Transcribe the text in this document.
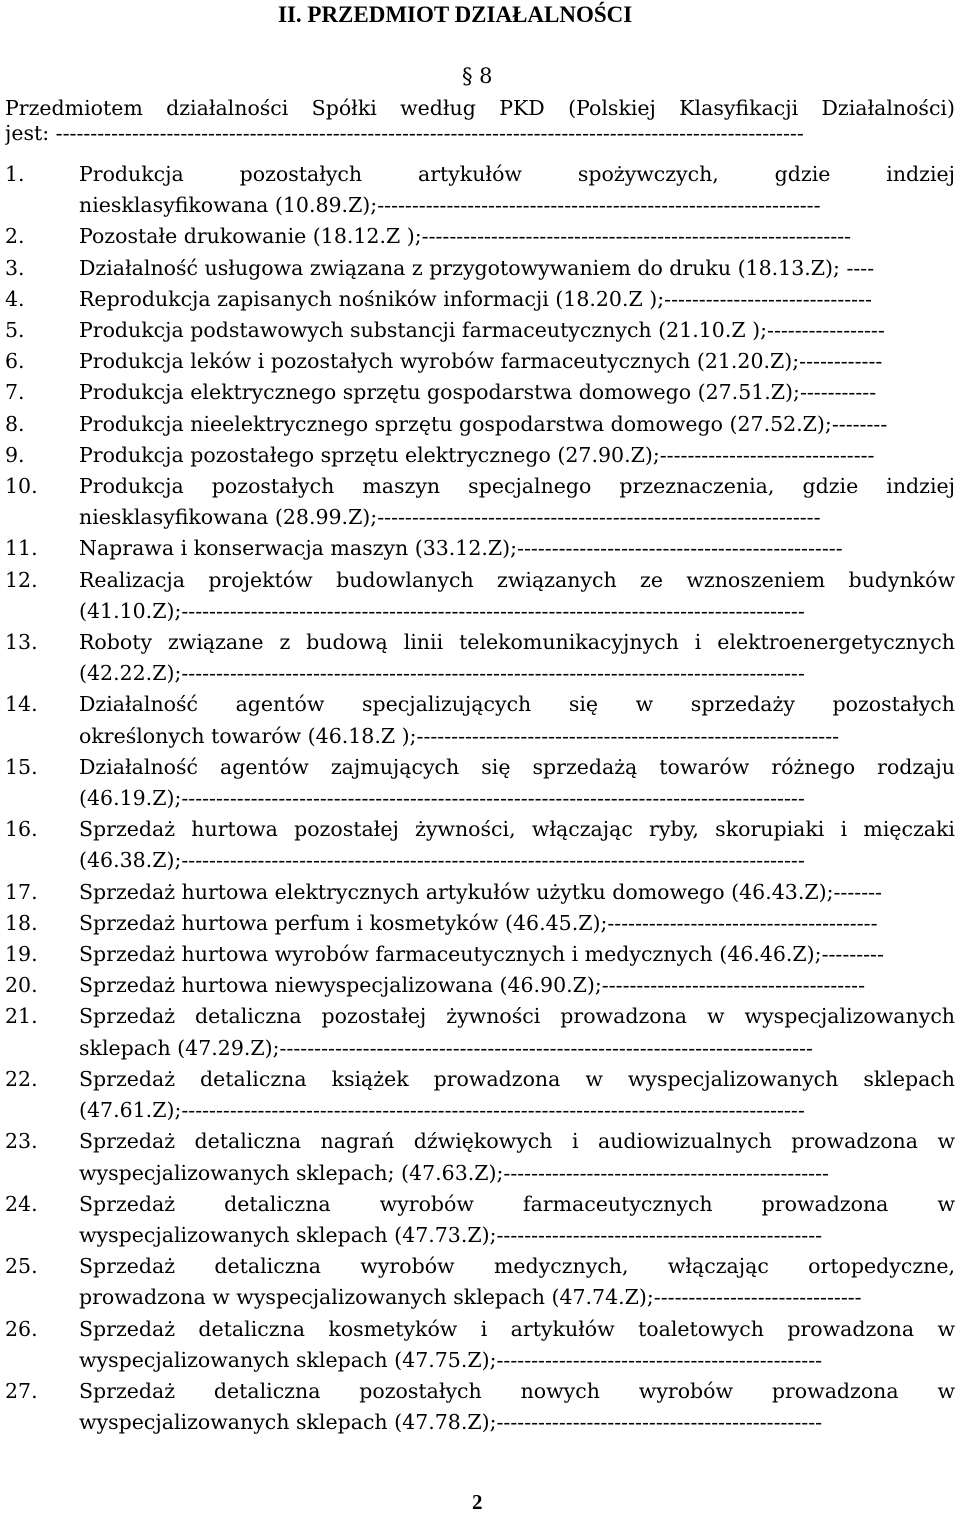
II. PRZEDMIOT DZIAŁALNOŚCI
§ 8
Przedmiotem działalności Spółki według PKD (Polskiej Klasyfikacji Działalności)
jest: ------------------------------------------------------------------------------------------------------------
1.	Produkcja pozostałych artykułów spożywczych, gdzie indziej
niesklasyfikowana (10.89.Z);----------------------------------------------------------------
2.	Pozostałe drukowanie (18.12.Z );--------------------------------------------------------------
3.	Działalność usługowa związana z przygotowywaniem do druku (18.13.Z); ----
4.	Reprodukcja zapisanych nośników informacji (18.20.Z );------------------------------
5.	Produkcja podstawowych substancji farmaceutycznych (21.10.Z );-----------------
6.	Produkcja leków i pozostałych wyrobów farmaceutycznych (21.20.Z);------------
7.	Produkcja elektrycznego sprzętu gospodarstwa domowego (27.51.Z);-----------
8.	Produkcja nieelektrycznego sprzętu gospodarstwa domowego (27.52.Z);--------
9.	Produkcja pozostałego sprzętu elektrycznego (27.90.Z);-------------------------------
10.	Produkcja pozostałych maszyn specjalnego przeznaczenia, gdzie indziej
niesklasyfikowana (28.99.Z);----------------------------------------------------------------
11.	Naprawa i konserwacja maszyn (33.12.Z);-----------------------------------------------
12.	Realizacja projektów budowlanych związanych ze wznoszeniem budynków
(41.10.Z);------------------------------------------------------------------------------------------
13.	Roboty związane z budową linii telekomunikacyjnych i elektroenergetycznych
(42.22.Z);------------------------------------------------------------------------------------------
14.	Działalność agentów specjalizujących się w sprzedaży pozostałych
określonych towarów (46.18.Z );-------------------------------------------------------------
15.	Działalność agentów zajmujących się sprzedażą towarów różnego rodzaju
(46.19.Z);------------------------------------------------------------------------------------------
16.	Sprzedaż hurtowa pozostałej żywności, włączając ryby, skorupiaki i mięczaki
(46.38.Z);------------------------------------------------------------------------------------------
17.	Sprzedaż hurtowa elektrycznych artykułów użytku domowego (46.43.Z);-------
18.	Sprzedaż hurtowa perfum i kosmetyków (46.45.Z);---------------------------------------
19.	Sprzedaż hurtowa wyrobów farmaceutycznych i medycznych (46.46.Z);---------
20.	Sprzedaż hurtowa niewyspecjalizowana (46.90.Z);--------------------------------------
21.	Sprzedaż detaliczna pozostałej żywności prowadzona w wyspecjalizowanych
sklepach (47.29.Z);-----------------------------------------------------------------------------
22.	Sprzedaż detaliczna książek prowadzona w wyspecjalizowanych sklepach
(47.61.Z);------------------------------------------------------------------------------------------
23.	Sprzedaż detaliczna nagrań dźwiękowych i audiowizualnych prowadzona w
wyspecjalizowanych sklepach; (47.63.Z);-----------------------------------------------
24.	Sprzedaż detaliczna wyrobów farmaceutycznych prowadzona w
wyspecjalizowanych sklepach (47.73.Z);-----------------------------------------------
25.	Sprzedaż detaliczna wyrobów medycznych, włączając ortopedyczne,
prowadzona w wyspecjalizowanych sklepach (47.74.Z);------------------------------
26.	Sprzedaż detaliczna kosmetyków i artykułów toaletowych prowadzona w
wyspecjalizowanych sklepach (47.75.Z);-----------------------------------------------
27.	Sprzedaż detaliczna pozostałych nowych wyrobów prowadzona w
wyspecjalizowanych sklepach (47.78.Z);-----------------------------------------------
2
